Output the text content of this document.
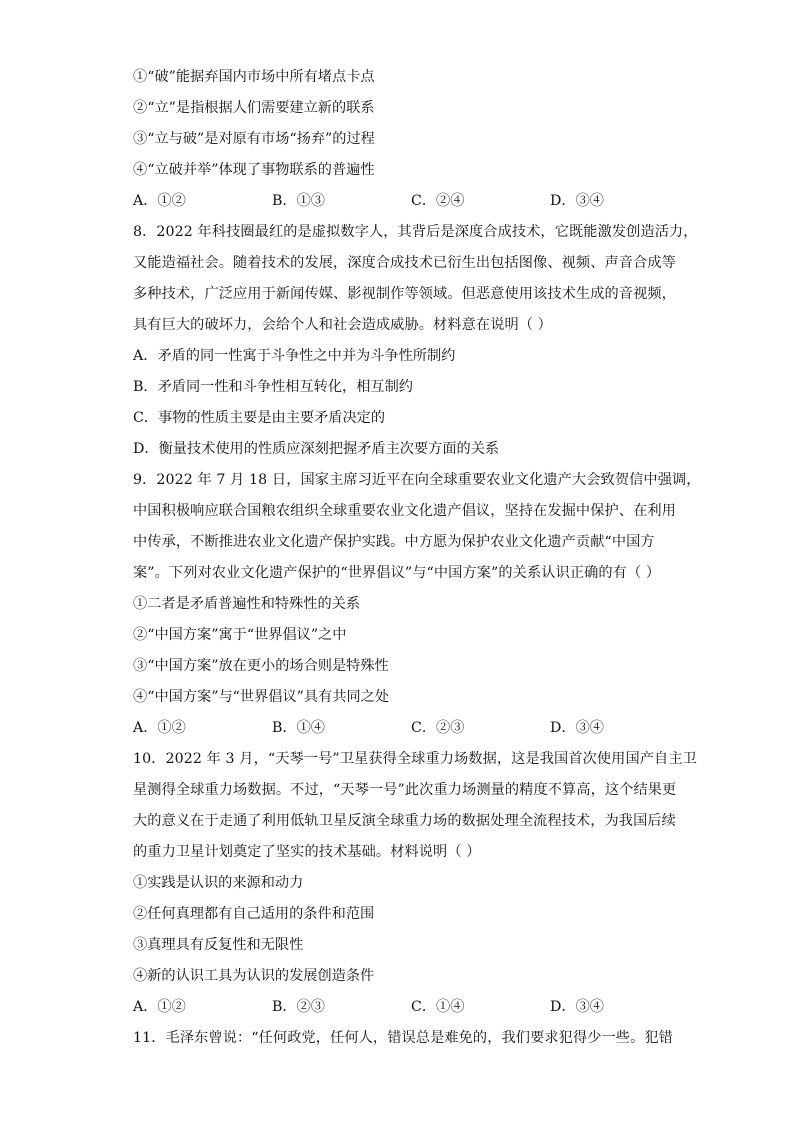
①“破”能据弃国内市场中所有堵点卡点
②“立”是指根据人们需要建立新的联系
③“立与破”是对原有市场“扬弃”的过程
④“立破并举”体现了事物联系的普遍性
A．①②	B．①③	C．②④	D．③④
8．2022 年科技圈最红的是虚拟数字人，其背后是深度合成技术，它既能激发创造活力，
又能造福社会。随着技术的发展，深度合成技术已衍生出包括图像、视频、声音合成等
多种技术，广泛应用于新闻传媒、影视制作等领域。但恶意使用该技术生成的音视频，
具有巨大的破坏力，会给个人和社会造成威胁。材料意在说明（ ）
A．矛盾的同一性寓于斗争性之中并为斗争性所制约
B．矛盾同一性和斗争性相互转化，相互制约
C．事物的性质主要是由主要矛盾决定的
D．衡量技术使用的性质应深刻把握矛盾主次要方面的关系
9．2022 年 7 月 18 日，国家主席习近平在向全球重要农业文化遗产大会致贺信中强调，
中国积极响应联合国粮农组织全球重要农业文化遗产倡议，坚持在发掘中保护、在利用
中传承，不断推进农业文化遗产保护实践。中方愿为保护农业文化遗产贡献“中国方
案”。下列对农业文化遗产保护的“世界倡议”与“中国方案”的关系认识正确的有（ ）
①二者是矛盾普遍性和特殊性的关系
②“中国方案”寓于“世界倡议”之中
③“中国方案”放在更小的场合则是特殊性
④“中国方案”与“世界倡议”具有共同之处
A．①②	B．①④	C．②③	D．③④
10．2022 年 3 月，“天琴一号”卫星获得全球重力场数据，这是我国首次使用国产自主卫
星测得全球重力场数据。不过，“天琴一号”此次重力场测量的精度不算高，这个结果更
大的意义在于走通了利用低轨卫星反演全球重力场的数据处理全流程技术，为我国后续
的重力卫星计划奠定了坚实的技术基础。材料说明（ ）
①实践是认识的来源和动力
②任何真理都有自己适用的条件和范围
③真理具有反复性和无限性
④新的认识工具为认识的发展创造条件
A．①②	B．②③	C．①④	D．③④
11．毛泽东曾说：“任何政党，任何人，错误总是难免的，我们要求犯得少一些。犯错
